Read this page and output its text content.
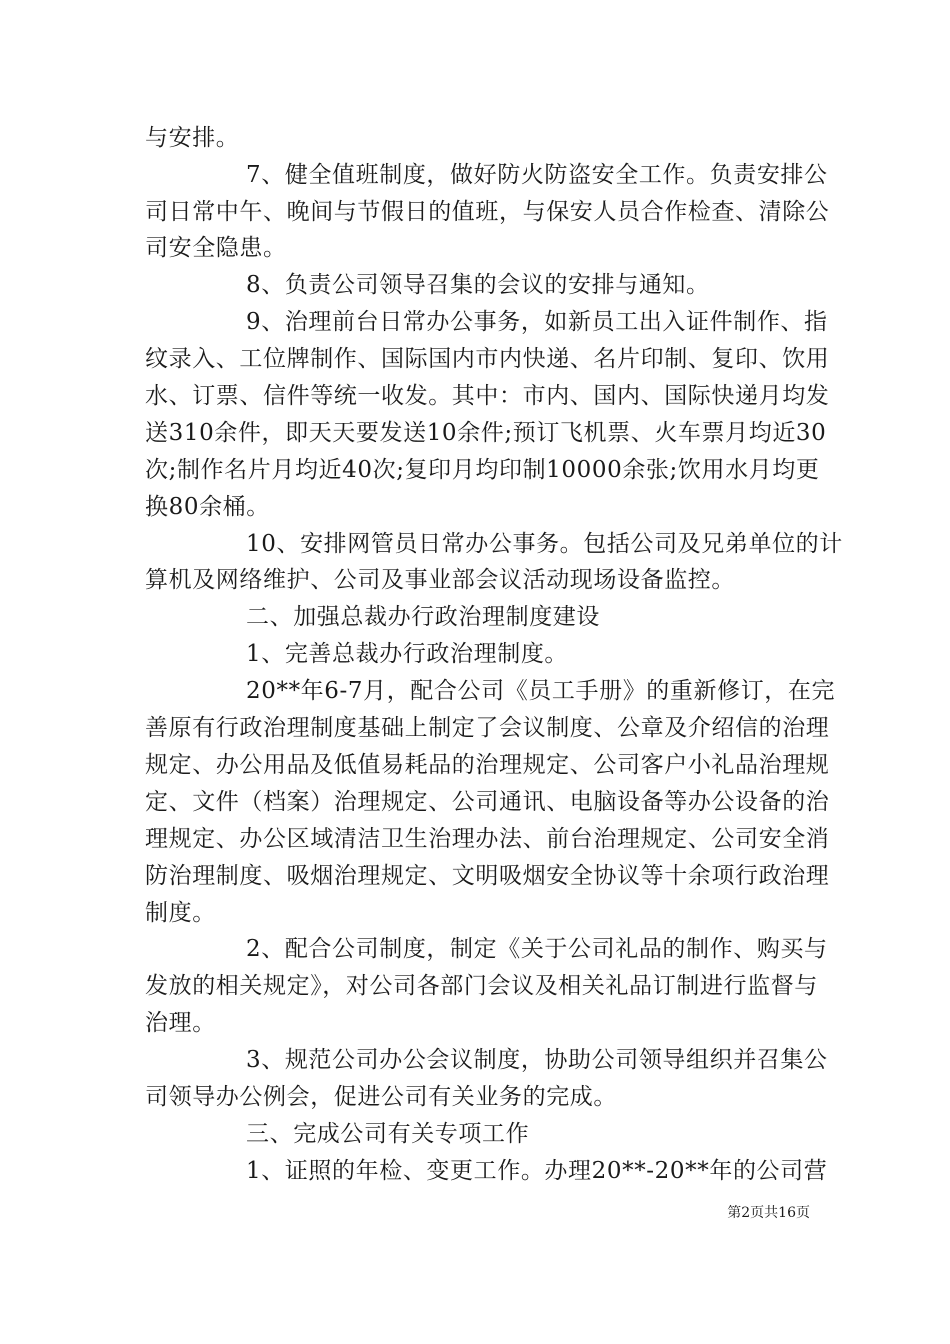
与安排。
7、健全值班制度，做好防火防盗安全工作。负责安排公
司日常中午、晚间与节假日的值班，与保安人员合作检查、清除公
司安全隐患。
8、负责公司领导召集的会议的安排与通知。
9、治理前台日常办公事务，如新员工出入证件制作、指
纹录入、工位牌制作、国际国内市内快递、名片印制、复印、饮用
水、订票、信件等统一收发。其中：市内、国内、国际快递月均发
送310余件，即天天要发送10余件;预订飞机票、火车票月均近30
次;制作名片月均近40次;复印月均印制10000余张;饮用水月均更
换80余桶。
10、安排网管员日常办公事务。包括公司及兄弟单位的计
算机及网络维护、公司及事业部会议活动现场设备监控。
二、加强总裁办行政治理制度建设
1、完善总裁办行政治理制度。
20**年6-7月，配合公司《员工手册》的重新修订，在完
善原有行政治理制度基础上制定了会议制度、公章及介绍信的治理
规定、办公用品及低值易耗品的治理规定、公司客户小礼品治理规
定、文件（档案）治理规定、公司通讯、电脑设备等办公设备的治
理规定、办公区域清洁卫生治理办法、前台治理规定、公司安全消
防治理制度、吸烟治理规定、文明吸烟安全协议等十余项行政治理
制度。
2、配合公司制度，制定《关于公司礼品的制作、购买与
发放的相关规定》，对公司各部门会议及相关礼品订制进行监督与
治理。
3、规范公司办公会议制度，协助公司领导组织并召集公
司领导办公例会，促进公司有关业务的完成。
三、完成公司有关专项工作
1、证照的年检、变更工作。办理20**-20**年的公司营
第2页共16页
